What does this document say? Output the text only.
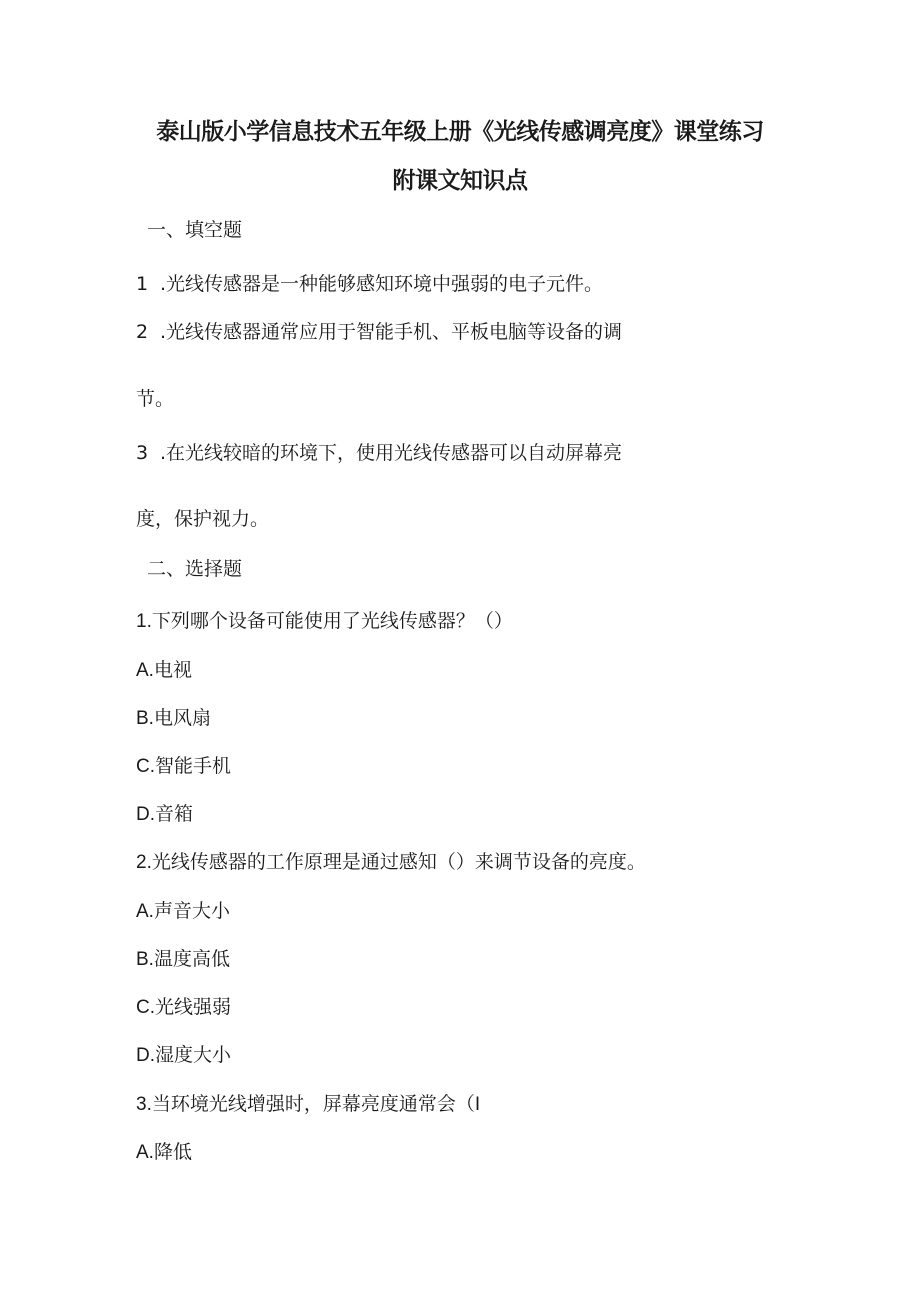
泰山版小学信息技术五年级上册《光线传感调亮度》课堂练习
附课文知识点

一、填空题

1 .光线传感器是一种能够感知环境中强弱的电子元件。

2 .光线传感器通常应用于智能手机、平板电脑等设备的调

节。

3 .在光线较暗的环境下，使用光线传感器可以自动屏幕亮

度，保护视力。

二、选择题

1.下列哪个设备可能使用了光线传感器？（）

A.电视

B.电风扇

C.智能手机

D.音箱

2.光线传感器的工作原理是通过感知（）来调节设备的亮度。

A.声音大小

B.温度高低

C.光线强弱

D.湿度大小

3.当环境光线增强时，屏幕亮度通常会（I

A.降低
